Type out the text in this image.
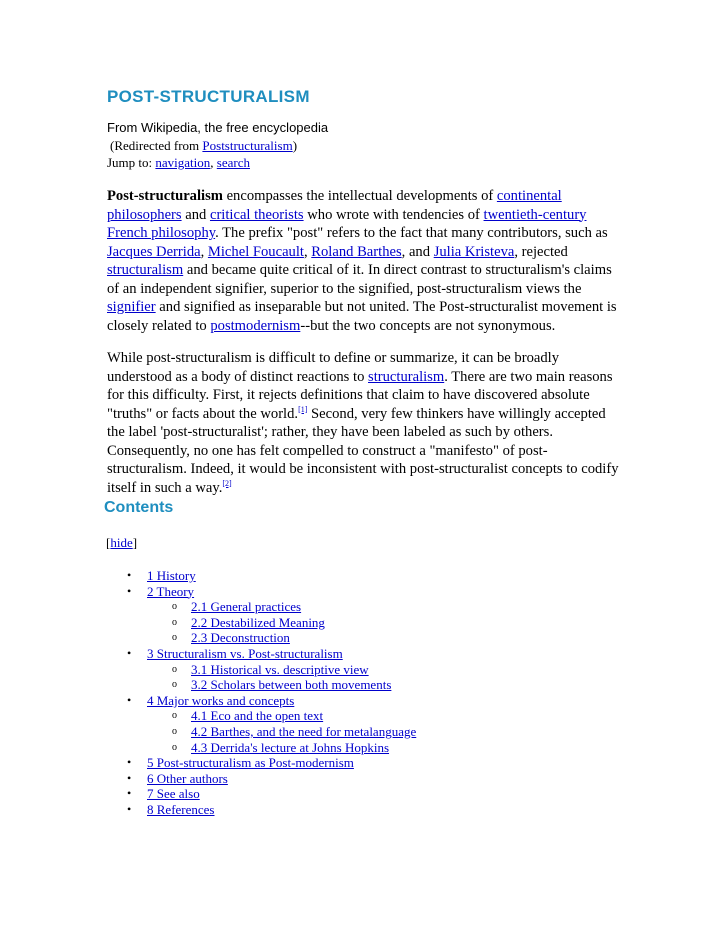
POST-STRUCTURALISM
From Wikipedia, the free encyclopedia
(Redirected from Poststructuralism)
Jump to: navigation, search

Post-structuralism encompasses the intellectual developments of continental philosophers and critical theorists who wrote with tendencies of twentieth-century French philosophy. The prefix "post" refers to the fact that many contributors, such as Jacques Derrida, Michel Foucault, Roland Barthes, and Julia Kristeva, rejected structuralism and became quite critical of it. In direct contrast to structuralism's claims of an independent signifier, superior to the signified, post-structuralism views the signifier and signified as inseparable but not united. The Post-structuralist movement is closely related to postmodernism--but the two concepts are not synonymous.

While post-structuralism is difficult to define or summarize, it can be broadly understood as a body of distinct reactions to structuralism. There are two main reasons for this difficulty. First, it rejects definitions that claim to have discovered absolute "truths" or facts about the world.[1] Second, very few thinkers have willingly accepted the label 'post-structuralist'; rather, they have been labeled as such by others. Consequently, no one has felt compelled to construct a "manifesto" of post-structuralism. Indeed, it would be inconsistent with post-structuralist concepts to codify itself in such a way.[2]

Contents
[hide]
• 1 History
• 2 Theory
o 2.1 General practices
o 2.2 Destabilized Meaning
o 2.3 Deconstruction
• 3 Structuralism vs. Post-structuralism
o 3.1 Historical vs. descriptive view
o 3.2 Scholars between both movements
• 4 Major works and concepts
o 4.1 Eco and the open text
o 4.2 Barthes, and the need for metalanguage
o 4.3 Derrida's lecture at Johns Hopkins
• 5 Post-structuralism as Post-modernism
• 6 Other authors
• 7 See also
• 8 References
